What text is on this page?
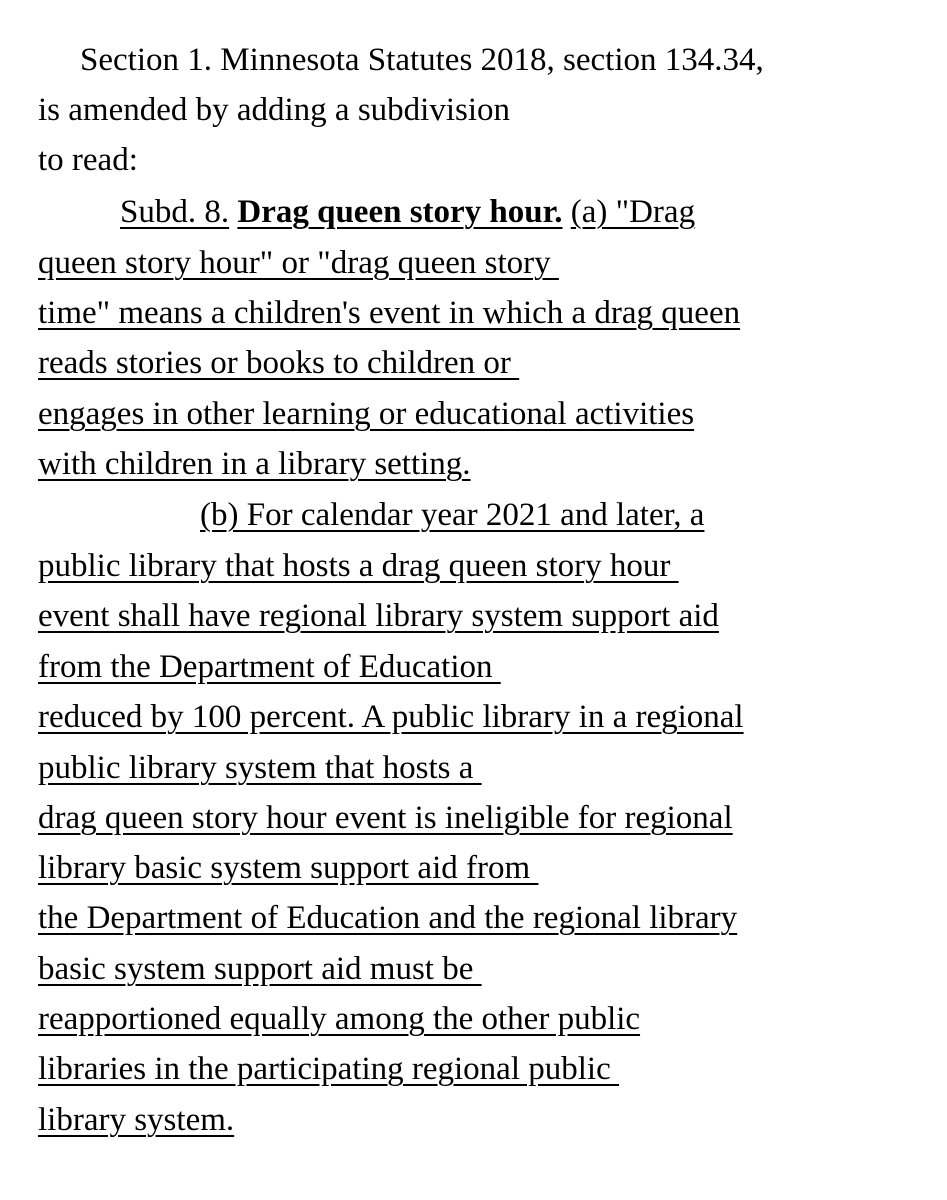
Section 1. Minnesota Statutes 2018, section 134.34,
is amended by adding a subdivision
to read:
Subd. 8. Drag queen story hour. (a) "Drag
queen story hour" or "drag queen story
time" means a children's event in which a drag queen
reads stories or books to children or
engages in other learning or educational activities
with children in a library setting.
(b) For calendar year 2021 and later, a
public library that hosts a drag queen story hour
event shall have regional library system support aid
from the Department of Education
reduced by 100 percent. A public library in a regional
public library system that hosts a
drag queen story hour event is ineligible for regional
library basic system support aid from
the Department of Education and the regional library
basic system support aid must be
reapportioned equally among the other public
libraries in the participating regional public
library system.
